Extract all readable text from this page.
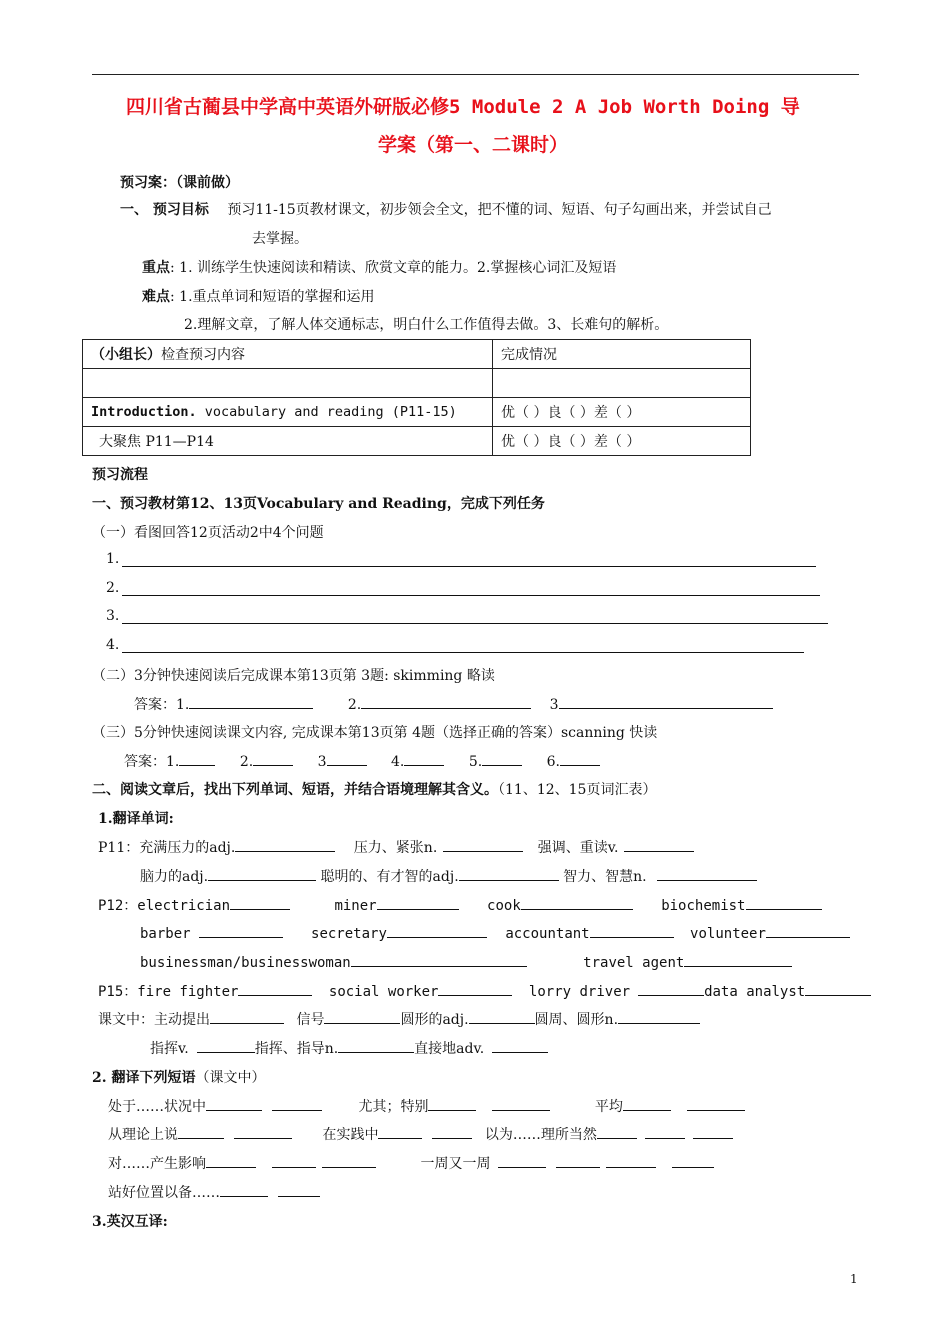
四川省古蔺县中学高中英语外研版必修5 Module 2 A Job Worth Doing 导
学案（第一、二课时）
预习案：（课前做）
一、 预习目标 预习11-15页教材课文，初步领会全文，把不懂的词、短语、句子勾画出来，并尝试自己
去掌握。
重点: 1. 训练学生快速阅读和精读、欣赏文章的能力。2.掌握核心词汇及短语
难点: 1.重点单词和短语的掌握和运用
2.理解文章，了解人体交通标志，明白什么工作值得去做。3、长难句的解析。
（小组长）检查预习内容	完成情况

Introduction. vocabulary and reading (P11-15)	优（ ）良（ ）差（ ）
大聚焦 P11—P14	优（ ）良（ ）差（ ）
预习流程
一、预习教材第12、13页Vocabulary and Reading，完成下列任务
（一）看图回答12页活动2中4个问题
1.
2.
3.
4.
（二）3分钟快速阅读后完成课本第13页第 3题: skimming 略读
答案：1.	2.	3
（三）5分钟快速阅读课文内容, 完成课本第13页第 4题（选择正确的答案）scanning 快读
答案：1.	2.	3	4.	5.	6.
二、阅读文章后，找出下列单词、短语，并结合语境理解其含义。（11、12、15页词汇表）
1.翻译单词:
P11：充满压力的adj.	压力、紧张n.	强调、重读v.
脑力的adj.	聪明的、有才智的adj.	智力、智慧n.
P12：electrician	miner	cook	biochemist
barber	secretary	accountant	volunteer
businessman/businesswoman	travel agent
P15：fire fighter	social worker	lorry driver	data analyst
课文中：主动提出	信号	圆形的adj.	圆周、圆形n.
指挥v.	指挥、指导n.	直接地adv.
2. 翻译下列短语（课文中）
处于……状况中	尤其；特别	平均
从理论上说	在实践中	以为……理所当然
对……产生影响	一周又一周
站好位置以备……
3.英汉互译:
1
